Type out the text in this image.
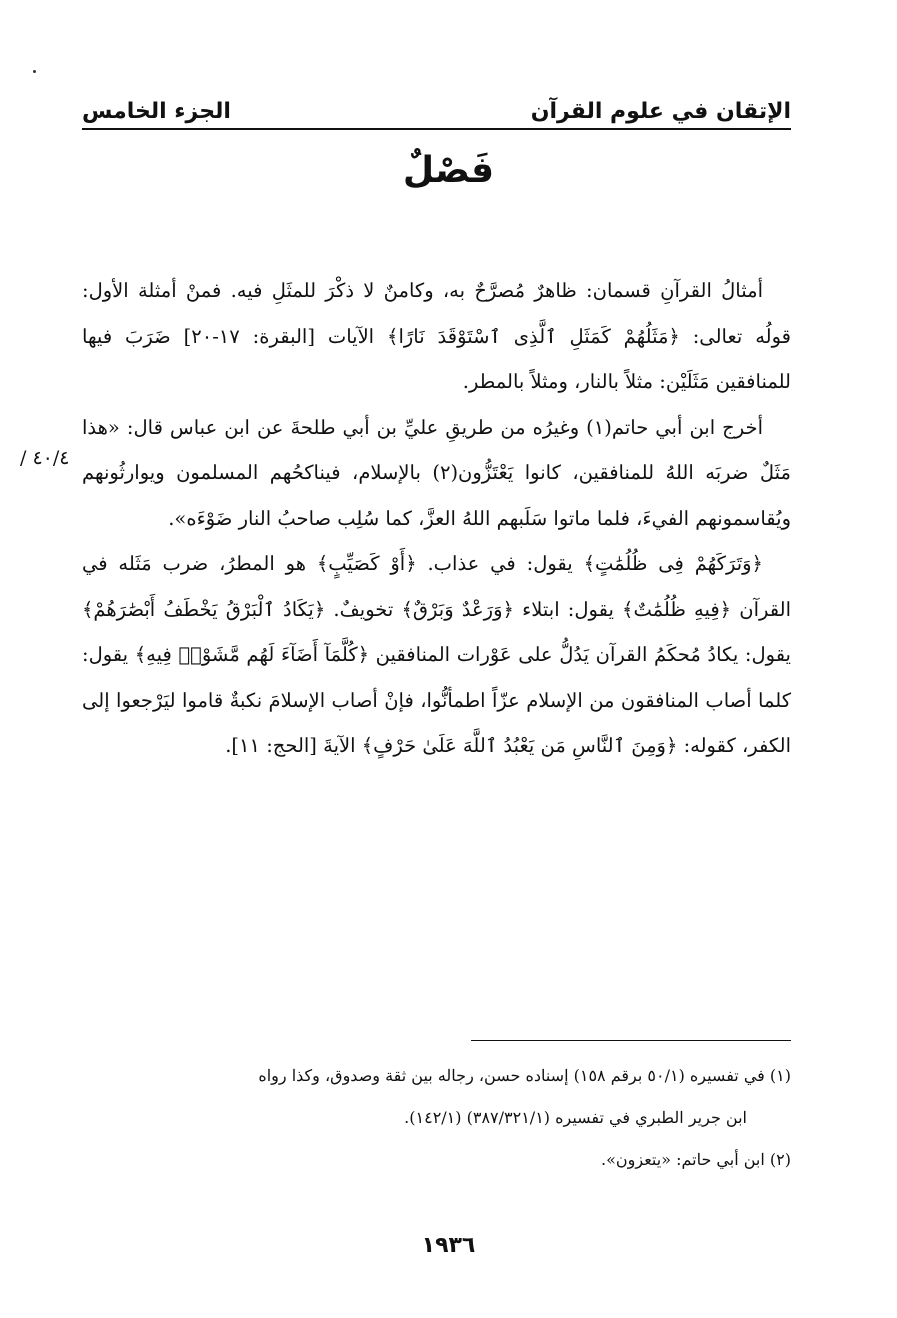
الإتقان في علوم القرآن
الجزء الخامس
فَصْلٌ

أمثالُ القرآنِ قسمان: ظاهرٌ مُصرَّحٌ به، وكامنٌ لا ذكْرَ للمثَلِ فيه. فمنْ أمثلة الأول: قولُه تعالى: ﴿مَثَلُهُمْ كَمَثَلِ ٱلَّذِى ٱسْتَوْقَدَ نَارًا﴾ الآيات [البقرة: ١٧-٢٠] ضَرَبَ فيها للمنافقين مَثَلَيْن: مثلاً بالنار، ومثلاً بالمطر.

أخرج ابن أبي حاتم(١) وغيرُه من طريقِ عليِّ بن أبي طلحةَ عن ابن عباس قال: «هذا مَثَلٌ ضربَه اللهُ للمنافقين، كانوا يَعْتَزُّون(٢) بالإسلام، فيناكحُهم المسلمون ويوارثُونهم ويُقاسمونهم الفيءَ، فلما ماتوا سَلَبهم اللهُ العزَّ، كما سُلِب صاحبُ النار ضَوْءَه».

﴿وَتَرَكَهُمْ فِى ظُلُمَٰتٍ﴾ يقول: في عذاب. ﴿أَوْ كَصَيِّبٍ﴾ هو المطرُ، ضرب مَثَله في القرآن ﴿فِيهِ ظُلُمَٰتٌ﴾ يقول: ابتلاء ﴿وَرَعْدٌ وَبَرْقٌ﴾ تخويفٌ. ﴿يَكَادُ ٱلْبَرْقُ يَخْطَفُ أَبْصَٰرَهُمْ﴾ يقول: يكادُ مُحكَمُ القرآن يَدُلُّ على عَوْرات المنافقين ﴿كُلَّمَآ أَضَآءَ لَهُم مَّشَوْا۟ فِيهِ﴾ يقول: كلما أصاب المنافقون من الإسلام عزّاً اطمأنُّوا، فإنْ أصاب الإسلامَ نكبةٌ قاموا ليَرْجعوا إلى الكفر، كقوله: ﴿وَمِنَ ٱلنَّاسِ مَن يَعْبُدُ ٱللَّهَ عَلَىٰ حَرْفٍ﴾ الآيةَ [الحج: ١١].

٤٠/٤ /

(١) في تفسيره (٥٠/١ برقم ١٥٨) إسناده حسن، رجاله بين ثقة وصدوق، وكذا رواه

ابن جرير الطبري في تفسيره (٣٨٧/٣٢١/١) (١٤٢/١).

(٢) ابن أبي حاتم: «يتعزون».

١٩٣٦
